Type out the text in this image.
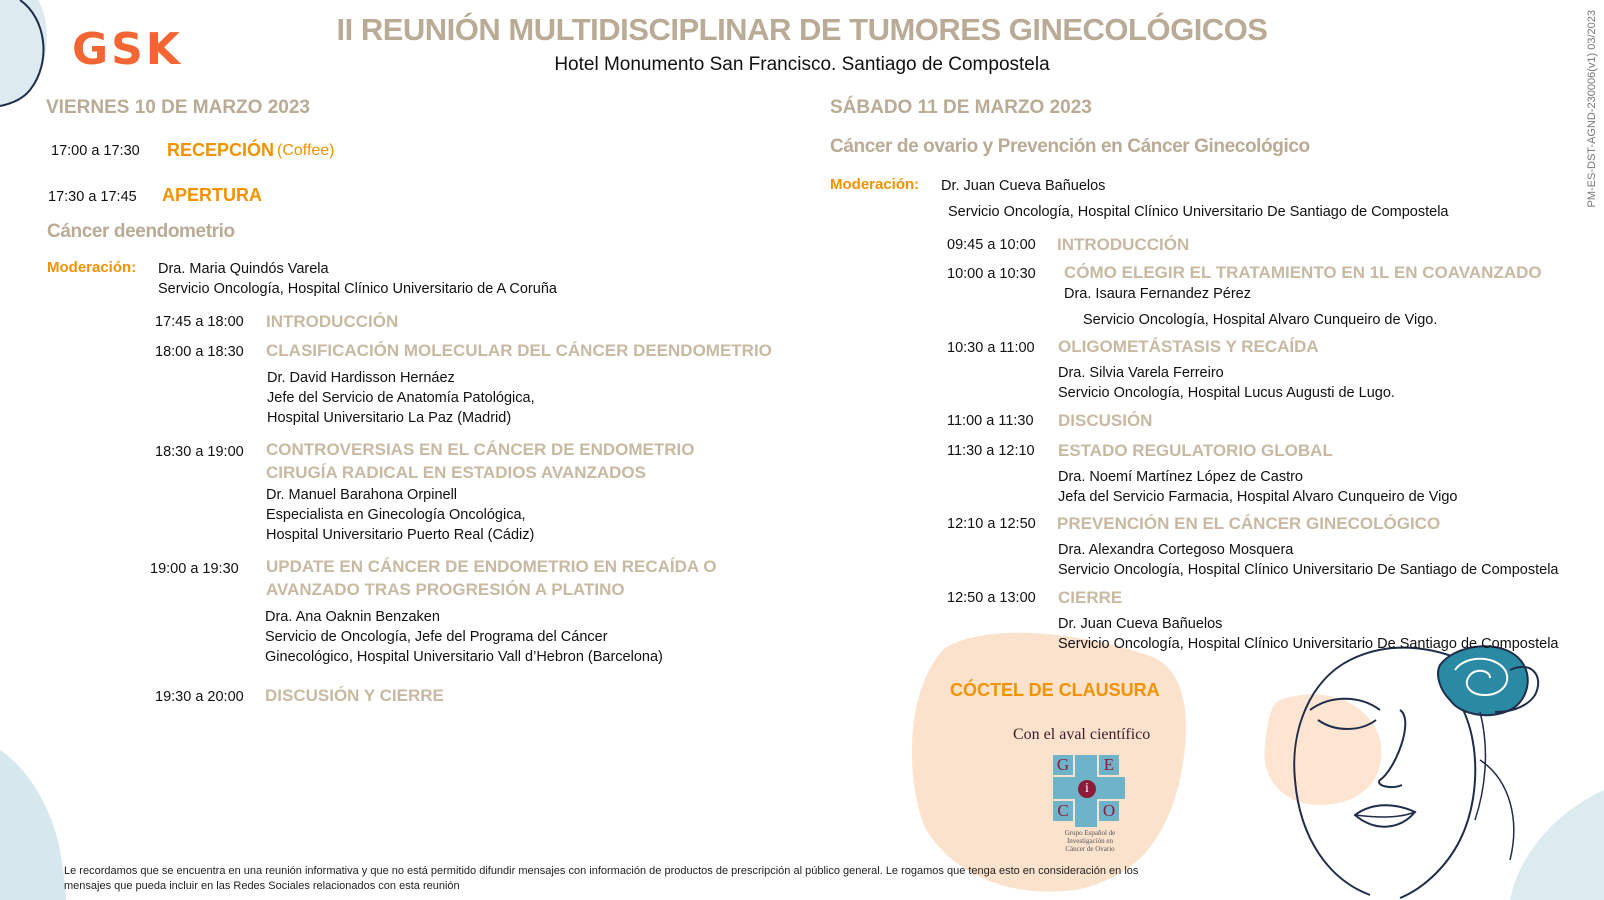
GSK	II REUNIÓN MULTIDISCIPLINAR DE TUMORES GINECOLÓGICOS
Hotel Monumento San Francisco. Santiago de Compostela	PM-ES-DST-AGND-230006(v1) 03/2023
VIERNES 10 DE MARZO 2023
17:00 a 17:30 RECEPCIÓN (Coffee)
17:30 a 17:45 APERTURA
Cáncer deendometrio
Moderación: Dra. Maria Quindós Varela
Servicio Oncología, Hospital Clínico Universitario de A Coruña
17:45 a 18:00 INTRODUCCIÓN
18:00 a 18:30 CLASIFICACIÓN MOLECULAR DEL CÁNCER DEENDOMETRIO
Dr. David Hardisson Hernáez
Jefe del Servicio de Anatomía Patológica,
Hospital Universitario La Paz (Madrid)
18:30 a 19:00 CONTROVERSIAS EN EL CÁNCER DE ENDOMETRIO
CIRUGÍA RADICAL EN ESTADIOS AVANZADOS
Dr. Manuel Barahona Orpinell
Especialista en Ginecología Oncológica,
Hospital Universitario Puerto Real (Cádiz)
19:00 a 19:30 UPDATE EN CÁNCER DE ENDOMETRIO EN RECAÍDA O
AVANZADO TRAS PROGRESIÓN A PLATINO
Dra. Ana Oaknin Benzaken
Servicio de Oncología, Jefe del Programa del Cáncer
Ginecológico, Hospital Universitario Vall d’Hebron (Barcelona)
19:30 a 20:00 DISCUSIÓN Y CIERRE
SÁBADO 11 DE MARZO 2023
Cáncer de ovario y Prevención en Cáncer Ginecológico
Moderación: Dr. Juan Cueva Bañuelos
Servicio Oncología, Hospital Clínico Universitario De Santiago de Compostela
09:45 a 10:00 INTRODUCCIÓN
10:00 a 10:30 CÓMO ELEGIR EL TRATAMIENTO EN 1L EN COAVANZADO
Dra. Isaura Fernandez Pérez
Servicio Oncología, Hospital Alvaro Cunqueiro de Vigo.
10:30 a 11:00 OLIGOMETÁSTASIS Y RECAÍDA
Dra. Silvia Varela Ferreiro
Servicio Oncología, Hospital Lucus Augusti de Lugo.
11:00 a 11:30 DISCUSIÓN
11:30 a 12:10 ESTADO REGULATORIO GLOBAL
Dra. Noemí Martínez López de Castro
Jefa del Servicio Farmacia, Hospital Alvaro Cunqueiro de Vigo
12:10 a 12:50 PREVENCIÓN EN EL CÁNCER GINECOLÓGICO
Dra. Alexandra Cortegoso Mosquera
Servicio Oncología, Hospital Clínico Universitario De Santiago de Compostela
12:50 a 13:00 CIERRE
Dr. Juan Cueva Bañuelos
Servicio Oncología, Hospital Clínico Universitario De Santiago de Compostela
CÓCTEL DE CLAUSURA
Con el aval científico
G E
C O
i
Grupo Español de
Investigación en
Cáncer de Ovario
Le recordamos que se encuentra en una reunión informativa y que no está permitido difundir mensajes con información de productos de prescripción al público general. Le rogamos que tenga esto en consideración en los
mensajes que pueda incluir en las Redes Sociales relacionados con esta reunión
